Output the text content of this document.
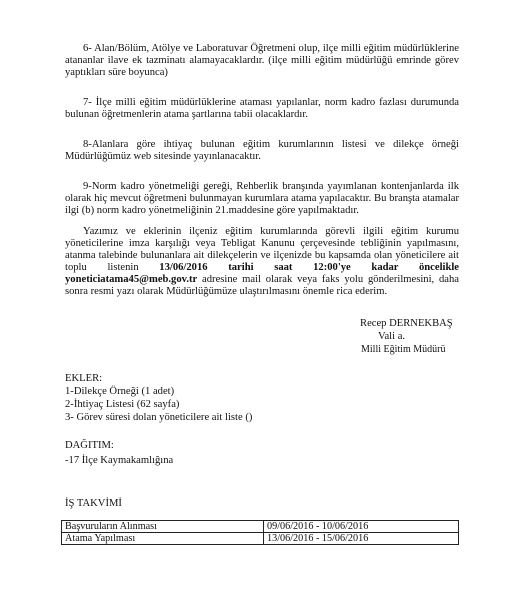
6- Alan/Bölüm, Atölye ve Laboratuvar Öğretmeni olup, ilçe milli eğitim müdürlüklerine atananlar ilave ek tazminatı alamayacaklardır. (ilçe milli eğitim müdürlüğü emrinde görev yaptıkları süre boyunca)
7- İlçe milli eğitim müdürlüklerine ataması yapılanlar, norm kadro fazlası durumunda bulunan öğretmenlerin atama şartlarına tabii olacaklardır.
8-Alanlara göre ihtiyaç bulunan eğitim kurumlarının listesi ve dilekçe örneği Müdürlüğümüz web sitesinde yayınlanacaktır.
9-Norm kadro yönetmeliği gereği, Rehberlik branşında yayımlanan kontenjanlarda ilk olarak hiç mevcut öğretmeni bulunmayan kurumlara atama yapılacaktır. Bu branşta atamalar ilgi (b) norm kadro yönetmeliğinin 21.maddesine göre yapılmaktadır.
Yazımız ve eklerinin ilçeniz eğitim kurumlarında görevli ilgili eğitim kurumu yöneticilerine imza karşılığı veya Tebligat Kanunu çerçevesinde tebliğinin yapılmasını, atanma talebinde bulunanlara ait dilekçelerin ve ilçenizde bu kapsamda olan yöneticilere ait toplu listenin 13/06/2016 tarihi saat 12:00'ye kadar öncelikle yoneticiatama45@meb.gov.tr adresine mail olarak veya faks yolu gönderilmesini, daha sonra resmi yazı olarak Müdürlüğümüze ulaştırılmasını önemle rica ederim.
Recep DERNEKBAŞ
Vali a.
Milli Eğitim Müdürü
EKLER:
1-Dilekçe Örneği (1 adet)
2-İhtiyaç Listesi (62 sayfa)
3- Görev süresi dolan yöneticilere ait liste ()
DAĞITIM:
-17 İlçe Kaymakamlığına
İŞ TAKVİMİ
Başvuruların Alınması	09/06/2016 - 10/06/2016
Atama Yapılması	13/06/2016 - 15/06/2016
